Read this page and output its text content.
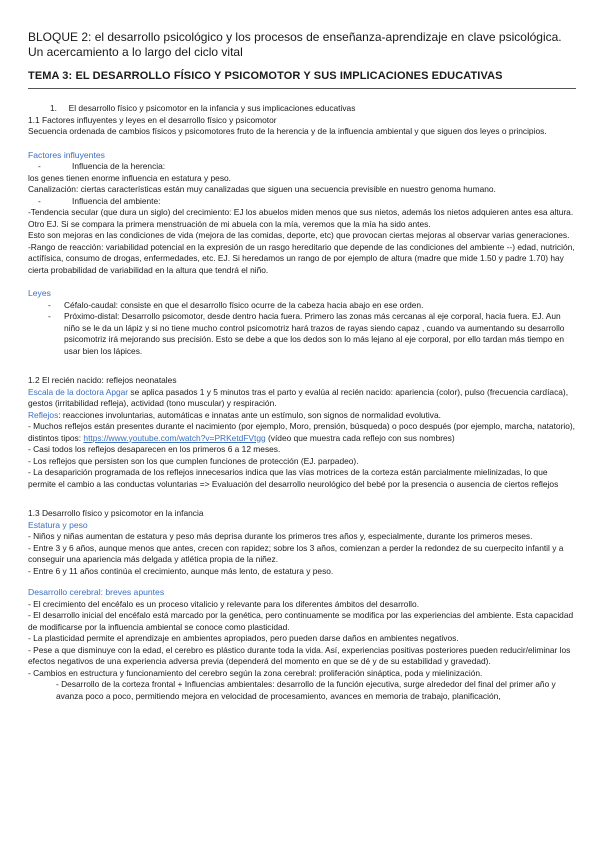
BLOQUE 2: el desarrollo psicológico y los procesos de enseñanza-aprendizaje en clave psicológica. Un acercamiento a lo largo del ciclo vital

TEMA 3: EL DESARROLLO FÍSICO Y PSICOMOTOR Y SUS IMPLICACIONES EDUCATIVAS

1. El desarrollo físico y psicomotor en la infancia y sus implicaciones educativas

1.1 Factores influyentes y leyes en el desarrollo físico y psicomotor

Secuencia ordenada de cambios físicos y psicomotores fruto de la herencia y de la influencia ambiental y que siguen dos leyes o principios.

Factores influyentes

-	Influencia de la herencia:

los genes tienen enorme influencia en estatura y peso.

Canalización: ciertas características están muy canalizadas que siguen una secuencia previsible en nuestro genoma humano.

-	Influencia del ambiente:

-Tendencia secular (que dura un siglo) del crecimiento: EJ los abuelos miden menos que sus nietos, además los nietos adquieren antes esa altura. Otro EJ. Si se compara la primera menstruación de mi abuela con la mía, veremos que la mía ha sido antes.

Esto son mejoras en las condiciones de vida (mejora de las comidas, deporte, etc) que provocan ciertas mejoras al observar varias generaciones.

-Rango de reacción: variabilidad potencial en la expresión de un rasgo hereditario que depende de las condiciones del ambiente --) edad, nutrición, actífísica, consumo de drogas, enfermedades, etc. EJ. Si heredamos un rango de por ejemplo de altura (madre que mide 1.50 y padre 1.70) hay cierta probabilidad de variabilidad en la altura que tendrá el niño.

Leyes

-	Céfalo-caudal: consiste en que el desarrollo físico ocurre de la cabeza hacia abajo en ese orden.
-	Próximo-distal: Desarrollo psicomotor, desde dentro hacia fuera. Primero las zonas más cercanas al eje corporal, hacia fuera. EJ. Aun niño se le da un lápiz y si no tiene mucho control psicomotriz hará trazos de rayas siendo capaz , cuando va aumentando su desarrollo psicomotriz irá mejorando sus precisión. Esto se debe a que los dedos son lo más lejano al eje corporal, por ello tardan más tiempo en usar bien los lápices.

1.2 El recién nacido: reflejos neonatales

Escala de la doctora Apgar se aplica pasados 1 y 5 minutos tras el parto y evalúa al recién nacido: apariencia (color), pulso (frecuencia cardíaca), gestos (irritabilidad refleja), actividad (tono muscular) y respiración.

Reflejos: reacciones involuntarias, automáticas e innatas ante un estímulo, son signos de normalidad evolutiva.

- Muchos reflejos están presentes durante el nacimiento (por ejemplo, Moro, prensión, búsqueda) o poco después (por ejemplo, marcha, natatorio), distintos tipos: https://www.youtube.com/watch?v=PRKetdFVtgg (vídeo que muestra cada reflejo con sus nombres)

- Casi todos los reflejos desaparecen en los primeros 6 a 12 meses.

- Los reflejos que persisten son los que cumplen funciones de protección (EJ. parpadeo).

- La desaparición programada de los reflejos innecesarios indica que las vías motrices de la corteza están parcialmente mielinizadas, lo que permite el cambio a las conductas voluntarias => Evaluación del desarrollo neurológico del bebé por la presencia o ausencia de ciertos reflejos

1.3 Desarrollo físico y psicomotor en la infancia

Estatura y peso

- Niños y niñas aumentan de estatura y peso más deprisa durante los primeros tres años y, especialmente, durante los primeros meses.

- Entre 3 y 6 años, aunque menos que antes, crecen con rapidez; sobre los 3 años, comienzan a perder la redondez de su cuerpecito infantil y a conseguir una apariencia más delgada y atlética propia de la niñez.

- Entre 6 y 11 años continúa el crecimiento, aunque más lento, de estatura y peso.

Desarrollo cerebral: breves apuntes

- El crecimiento del encéfalo es un proceso vitalicio y relevante para los diferentes ámbitos del desarrollo.

- El desarrollo inicial del encéfalo está marcado por la genética, pero continuamente se modifica por las experiencias del ambiente. Esta capacidad de modificarse por la influencia ambiental se conoce como plasticidad.

- La plasticidad permite el aprendizaje en ambientes apropiados, pero pueden darse daños en ambientes negativos.

- Pese a que disminuye con la edad, el cerebro es plástico durante toda la vida. Así, experiencias positivas posteriores pueden reducir/eliminar los efectos negativos de una experiencia adversa previa (dependerá del momento en que se dé y de su estabilidad y gravedad).

- Cambios en estructura y funcionamiento del cerebro según la zona cerebral: proliferación sináptica, poda y mielinización.

- Desarrollo de la corteza frontal + Influencias ambientales: desarrollo de la función ejecutiva, surge alrededor del final del primer año y avanza poco a poco, permitiendo mejora en velocidad de procesamiento, avances en memoria de trabajo, planificación,
